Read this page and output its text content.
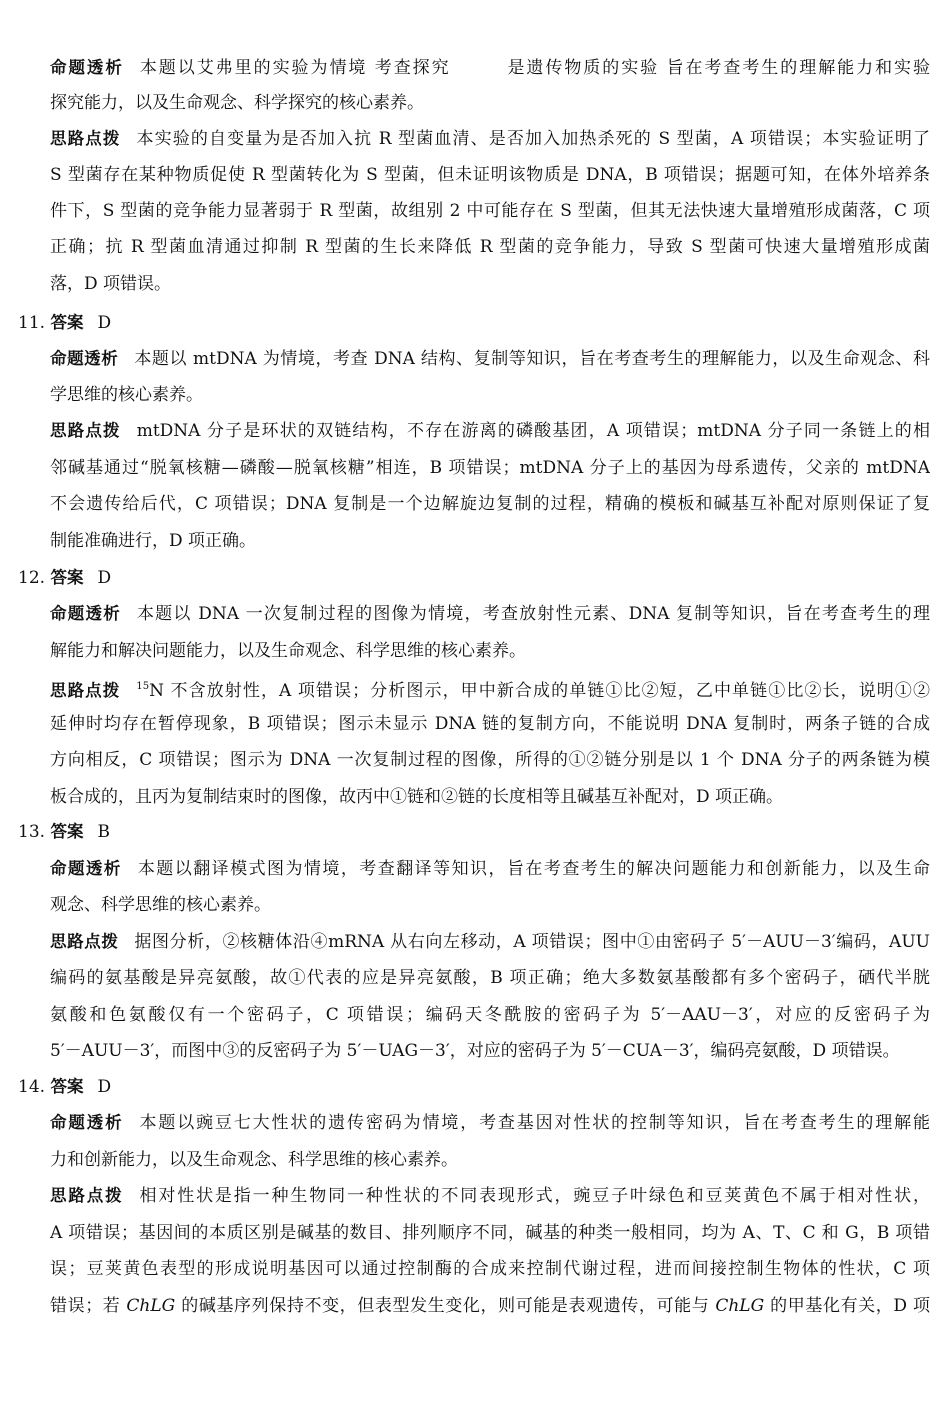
命题透析 本题以艾弗里的实验为情境 考查探究　　　是遗传物质的实验 旨在考查考生的理解能力和实验
探究能力，以及生命观念、科学探究的核心素养。
思路点拨 本实验的自变量为是否加入抗 R 型菌血清、是否加入加热杀死的 S 型菌，A 项错误；本实验证明了
S 型菌存在某种物质促使 R 型菌转化为 S 型菌，但未证明该物质是 DNA，B 项错误；据题可知，在体外培养条
件下，S 型菌的竞争能力显著弱于 R 型菌，故组别 2 中可能存在 S 型菌，但其无法快速大量增殖形成菌落，C 项
正确；抗 R 型菌血清通过抑制 R 型菌的生长来降低 R 型菌的竞争能力，导致 S 型菌可快速大量增殖形成菌
落，D 项错误。
11. 答案 D
命题透析 本题以 mtDNA 为情境，考查 DNA 结构、复制等知识，旨在考查考生的理解能力，以及生命观念、科
学思维的核心素养。
思路点拨 mtDNA 分子是环状的双链结构，不存在游离的磷酸基团，A 项错误；mtDNA 分子同一条链上的相
邻碱基通过“脱氧核糖—磷酸—脱氧核糖”相连，B 项错误；mtDNA 分子上的基因为母系遗传，父亲的 mtDNA
不会遗传给后代，C 项错误；DNA 复制是一个边解旋边复制的过程，精确的模板和碱基互补配对原则保证了复
制能准确进行，D 项正确。
12. 答案 D
命题透析 本题以 DNA 一次复制过程的图像为情境，考查放射性元素、DNA 复制等知识，旨在考查考生的理
解能力和解决问题能力，以及生命观念、科学思维的核心素养。
思路点拨 $^{15}$N 不含放射性，A 项错误；分析图示，甲中新合成的单链①比②短，乙中单链①比②长，说明①②
延伸时均存在暂停现象，B 项错误；图示未显示 DNA 链的复制方向，不能说明 DNA 复制时，两条子链的合成
方向相反，C 项错误；图示为 DNA 一次复制过程的图像，所得的①②链分别是以 1 个 DNA 分子的两条链为模
板合成的，且丙为复制结束时的图像，故丙中①链和②链的长度相等且碱基互补配对，D 项正确。
13. 答案 B
命题透析 本题以翻译模式图为情境，考查翻译等知识，旨在考查考生的解决问题能力和创新能力，以及生命
观念、科学思维的核心素养。
思路点拨 据图分析，②核糖体沿④mRNA 从右向左移动，A 项错误；图中①由密码子 5′－AUU－3′编码，AUU
编码的氨基酸是异亮氨酸，故①代表的应是异亮氨酸，B 项正确；绝大多数氨基酸都有多个密码子，硒代半胱
氨酸和色氨酸仅有一个密码子，C 项错误；编码天冬酰胺的密码子为 5′－AAU－3′，对应的反密码子为
5′－AUU－3′，而图中③的反密码子为 5′－UAG－3′，对应的密码子为 5′－CUA－3′，编码亮氨酸，D 项错误。
14. 答案 D
命题透析 本题以豌豆七大性状的遗传密码为情境，考查基因对性状的控制等知识，旨在考查考生的理解能
力和创新能力，以及生命观念、科学思维的核心素养。
思路点拨 相对性状是指一种生物同一种性状的不同表现形式，豌豆子叶绿色和豆荚黄色不属于相对性状，
A 项错误；基因间的本质区别是碱基的数目、排列顺序不同，碱基的种类一般相同，均为 A、T、C 和 G，B 项错
误；豆荚黄色表型的形成说明基因可以通过控制酶的合成来控制代谢过程，进而间接控制生物体的性状，C 项
错误；若 ChLG 的碱基序列保持不变，但表型发生变化，则可能是表观遗传，可能与 ChLG 的甲基化有关，D 项
